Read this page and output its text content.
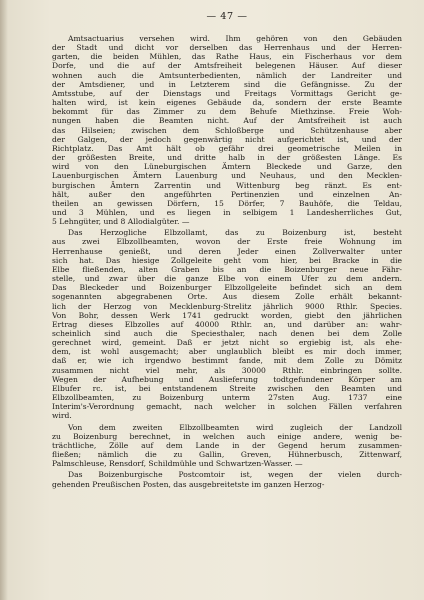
— 47 —
Amtsactuarius versehen wird. Ihm gehören von den Gebäuden
der Stadt und dicht vor derselben das Herrenhaus und der Herren-
garten, die beiden Mühlen, das Rathe Haus, ein Fischerhaus vor dem
Dorfe, und die auf der Amtsfreiheit belegenen Häuser. Auf dieser
wohnen auch die Amtsunterbedienten, nämlich der Landreiter und
der Amtsdiener, und in Letzterem sind die Gefängnisse. Zu der
Amtsstube, auf der Dienstags und Freitags Vormittags Gericht ge-
halten wird, ist kein eigenes Gebäude da, sondern der erste Beamte
bekommt für das Zimmer zu dem Behufe Miethzinse. Freie Woh-
nungen haben die Beamten nicht. Auf der Amtsfreiheit ist auch
das Hilseien; zwischen dem Schloßberge und Schützenhause aber
der Galgen, der jedoch gegenwärtig nicht aufgerichtet ist, und der
Richtplatz. Das Amt hält ob gefähr drei geometrische Meilen in
der größesten Breite, und dritte halb in der größesten Länge. Es
wird von den Lüneburgischen Ämtern Bleckede und Garze, den
Lauenburgischen Ämtern Lauenburg und Neuhaus, und den Mecklen-
burgischen Ämtern Zarrentin und Wittenburg beg ränzt. Es ent-
hält, außer den angeführten Pertinenzien und einzelnen An-
theilen an gewissen Dörfern, 15 Dörfer, 7 Bauhöfe, die Teldau,
und 3 Mühlen, und es liegen in selbigem 1 Landesherrliches Gut,
5 Lehngüter, und 8 Allodialgüter. —
Das Herzogliche Elbzollamt, das zu Boizenburg ist, besteht
aus zwei Elbzollbeamten, wovon der Erste freie Wohnung im
Herrenhause genießt, und deren Jeder einen Zollverwalter unter
sich hat. Das hiesige Zollgeleite geht vom hier, bei Bracke in die
Elbe fließenden, alten Graben bis an die Boizenburger neue Fähr-
stelle, und zwar über die ganze Elbe von einem Ufer zu dem andern.
Das Bleckeder und Boizenburger Elbzollgeleite befindet sich an dem
sogenannten abgegrabenen Orte. Aus diesem Zolle erhält bekannt-
lich der Herzog von Mecklenburg-Strelitz jährlich 9000 Rthlr. Species.
Von Bohr, dessen Werk 1741 gedruckt worden, giebt den jährlichen
Ertrag dieses Elbzolles auf 40000 Rthlr. an, und darüber an: wahr-
scheinlich sind auch die Speciesthaler, nach denen bei dem Zolle
gerechnet wird, gemeint. Daß er jetzt nicht so ergiebig ist, als ehe-
dem, ist wohl ausgemacht; aber unglaublich bleibt es mir doch immer,
daß er, wie ich irgendwo bestimmt fande, mit dem Zolle zu Dömitz
zusammen nicht viel mehr, als 30000 Rthlr. einbringen sollte.
Wegen der Aufhebung und Auslieferung todtgefundener Körper am
Elbufer rc. ist, bei entstandenem Streite zwischen den Beamten und
Elbzollbeamten, zu Boizenburg unterm 27sten Aug. 1737 eine
Interim's-Verordnung gemacht, nach welcher in solchen Fällen verfahren
wird.
Von dem zweiten Elbzollbeamten wird zugleich der Landzoll
zu Boizenburg berechnet, in welchen auch einige andere, wenig be-
trächtliche, Zölle auf dem Lande in der Gegend herum zusammen-
fließen; nämlich die zu Gallin, Greven, Hühnerbusch, Zittenwarf,
Palmschleuse, Rensdorf, Schildmühle und Schwartzen-Wasser. —
Das Boizenburgische Postcomtoir ist, wegen der vielen durch-
gehenden Preußischen Posten, das ausgebreitetste im ganzen Herzog-
